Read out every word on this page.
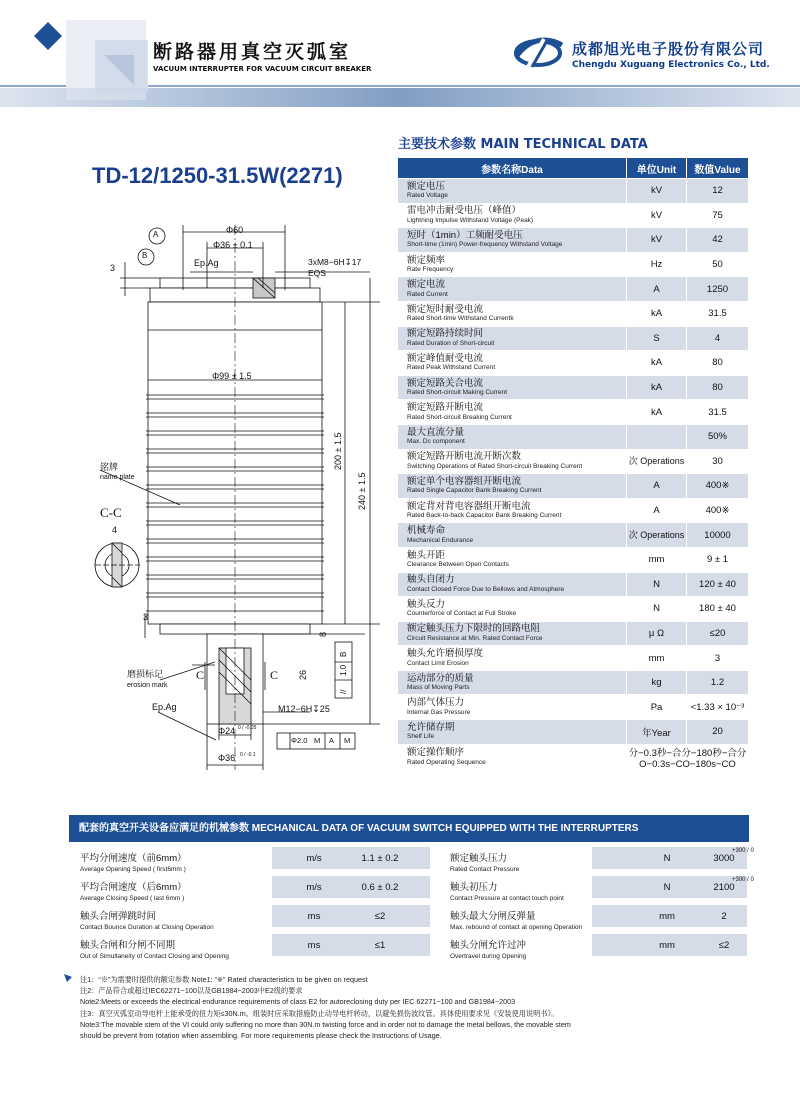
断路器用真空灭弧室
VACUUM INTERRUPTER FOR VACUUM CIRCUIT BREAKER
成都旭光电子股份有限公司
Chengdu Xuguang Electronics Co., Ltd.
TD-12/1250-31.5W(2271)
Φ60
Φ36 ± 0.1
A
B
Ep.Ag	3xM8−6H↧17
EQS
3
Φ99 ± 1.5
铭牌
name plate
C-C
4
200 ± 1.5
240 ± 1.5
3
8
1.0
B
//
磨损标记
erosion mark
C	C 26
Ep.Ag	M12−6H↧25
Φ24 0 / -0.05
Φ2.0 M A M
Φ36 0 / -0.1
主要技术参数 MAIN TECHNICAL DATA
参数名称Data	单位Unit	数值Value

额定电压
Rated Voltage	kV	12

雷电冲击耐受电压（峰值）
Lightning Impulse Withstand Voltage (Peak)	kV	75

短时（1min）工频耐受电压
Short-time (1min) Power-frequency Withstand Voltage	kV	42

额定频率
Rate Frequency	Hz	50

额定电流
Rated Current	A	1250

额定短时耐受电流
Rated Short-time Withstand Currentk	kA	31.5

额定短路持续时间
Rated Duration of Short-circuit	S	4

额定峰值耐受电流
Rated Peak Withstand Current	kA	80

额定短路关合电流
Rated Short-circuit Making Current	kA	80

额定短路开断电流
Rated Short-circuit Breaking Current	kA	31.5

最大直流分量
Max. Dc component		50%

额定短路开断电流开断次数
Switching Operations of Rated Short-circuit Breaking Current	次 Operations	30

额定单个电容器组开断电流
Rated Single Capacitor Bank Breaking Current	A	400※

额定背对背电容器组开断电流
Rated Back-to-back Capacitor Bank Breaking Current	A	400※

机械寿命
Mechanical Endurance	次 Operations	10000

触头开距
Clearance Between Open Contacts	mm	9 ± 1

触头自闭力
Contact Closed Force Due to Bellows and Atmosphere	N	120 ± 40

触头反力
Counterforce of Contact at Full Stroke	N	180 ± 40

额定触头压力下限时的回路电阻
Circuit Resistance at Min. Rated Contact Force	μ Ω	≤20

触头允许磨损厚度
Contact Limit Erosion	mm	3

运动部分的质量
Mass of Moving Parts	kg	1.2

内部气体压力
Internal Gas Pressure	Pa	<1.33 × 10⁻³

允许储存期
Shelf Life	年Year	20

额定操作顺序
Rated Operating Sequence	分−0.3秒−合分−180秒−合分 O−0.3s−CO−180s−CO	
配套的真空开关设备应满足的机械参数 MECHANICAL DATA OF VACUUM SWITCH EQUIPPED WITH THE INTERRUPTERS
平均分闸速度（前6mm）
Average Opening Speed ( first6mm )
m/s	1.1 ± 0.2
平均合闸速度（后6mm）
Average Closing Speed ( last 6mm )
m/s	0.6 ± 0.2
触头合闸弹跳时间
Contact Bounce Duration at Closing Operation
ms	≤2
触头合闸和分闸不同期
Out of Simultaneity of Contact Closing and Opening
ms	≤1
额定触头压力
Rated Contact Pressure
N	3000
+300 / 0
触头初压力
Contact Pressure at contact touch point
N	2100
+300 / 0
触头最大分闸反弹量
Max. rebound of contact at opening Operation
mm	2
触头分闸允许过冲
Overtravel during Opening
mm	≤2
注1：“※”为需要时提供的额定参数 Note1: “※” Rated characteristics to be given on request
注2：产品符合或超过IEC62271−100以及GB1984−2003中E2级的要求
Note2:Meets or exceeds the electrical endurance requirements of class E2 for autoreclosing duty per IEC 62271−100 and GB1984−2003
注3：真空灭弧室动导电杆上能承受的扭力矩≤30N.m。组装时应采取措施防止动导电杆转动，以避免损伤波纹管。具体使用要求见《安装使用说明书》。
Note3:The movable stem of the VI could only suffering no more than 30N.m twisting force and in order not to damage the metal bellows, the movable stem
should be prevent from rotation when assembling. For more requirements please check the Instructions of Usage.
